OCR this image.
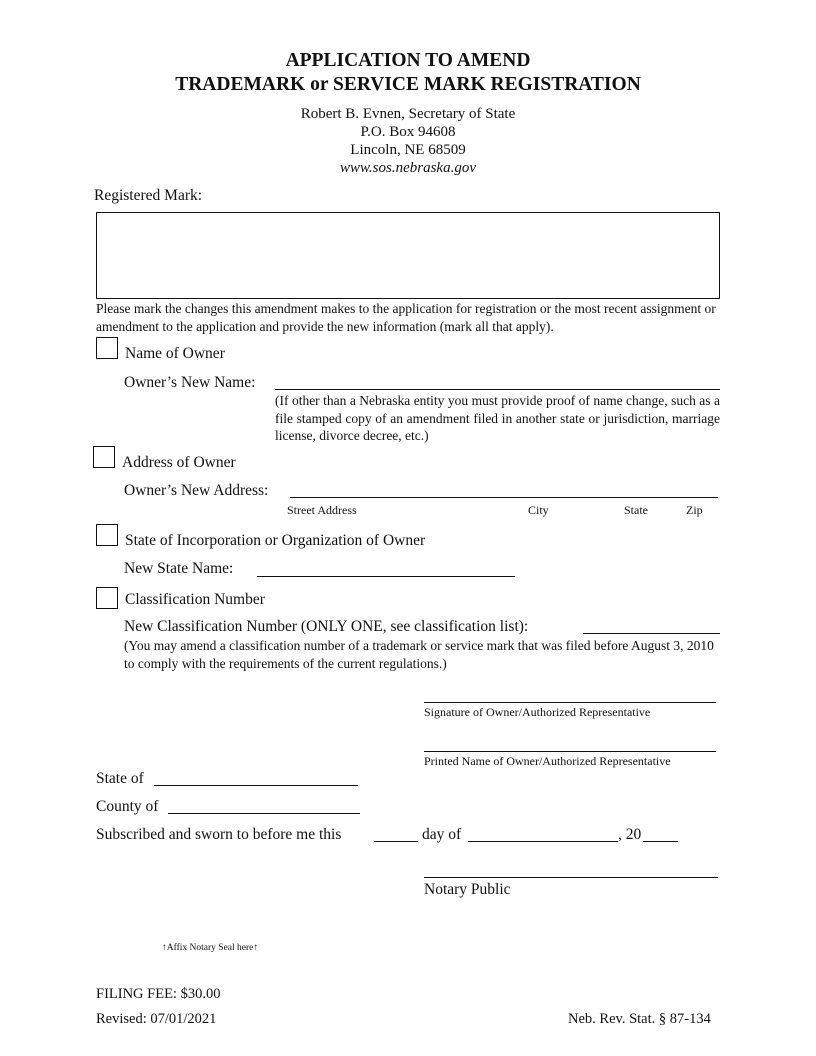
APPLICATION TO AMEND
TRADEMARK or SERVICE MARK REGISTRATION
Robert B. Evnen, Secretary of State
P.O. Box 94608
Lincoln, NE 68509
www.sos.nebraska.gov
Registered Mark:
Please mark the changes this amendment makes to the application for registration or the most recent assignment or amendment to the application and provide the new information (mark all that apply).
Name of Owner
Owner’s New Name:
(If other than a Nebraska entity you must provide proof of name change, such as a file stamped copy of an amendment filed in another state or jurisdiction, marriage license, divorce decree, etc.)
Address of Owner
Owner’s New Address:
Street Address	City	State	Zip
State of Incorporation or Organization of Owner
New State Name:
Classification Number
New Classification Number (ONLY ONE, see classification list):
(You may amend a classification number of a trademark or service mark that was filed before August 3, 2010 to comply with the requirements of the current regulations.)
Signature of Owner/Authorized Representative
Printed Name of Owner/Authorized Representative
State of
County of
Subscribed and sworn to before me this	day of	, 20
Notary Public
↑Affix Notary Seal here↑
FILING FEE: $30.00
Revised: 07/01/2021	Neb. Rev. Stat. § 87-134
